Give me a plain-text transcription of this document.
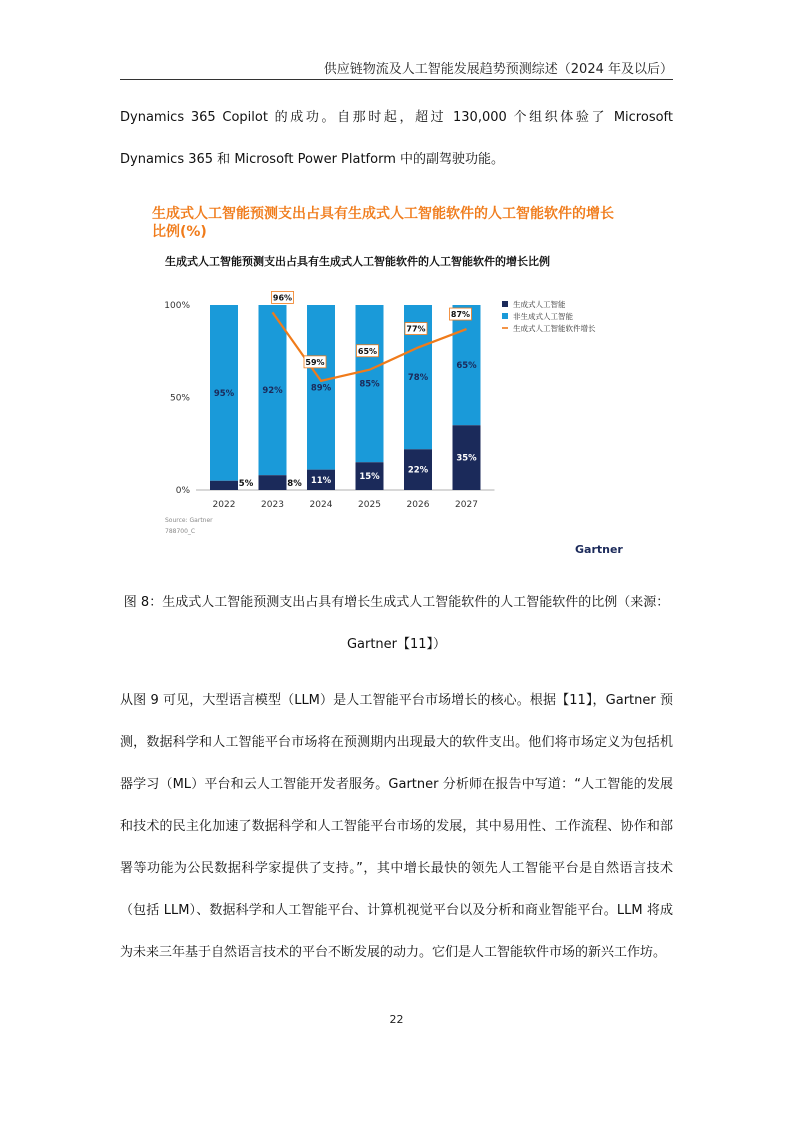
供应链物流及人工智能发展趋势预测综述（2024 年及以后）

Dynamics 365 Copilot 的成功。自那时起，超过 130,000 个组织体验了 Microsoft Dynamics 365 和 Microsoft Power Platform 中的副驾驶功能。

生成式人工智能预测支出占具有生成式人工智能软件的人工智能软件的增长比例(%)
生成式人工智能预测支出占具有生成式人工智能软件的人工智能软件的增长比例
100%
50%
0%
2022
95%
5%
2023
92%
8%
2024
89%
11%
2025
85%
15%
2026
78%
22%
2027
65%
35%
96%
59%
65%
77%
87%
生成式人工智能
非生成式人工智能
生成式人工智能软件增长
Source: Gartner
788700_C
Gartner
图 8：生成式人工智能预测支出占具有增长生成式人工智能软件的人工智能软件的比例（来源：Gartner【11】）

从图 9 可见，大型语言模型（LLM）是人工智能平台市场增长的核心。根据【11】，Gartner 预测，数据科学和人工智能平台市场将在预测期内出现最大的软件支出。他们将市场定义为包括机器学习（ML）平台和云人工智能开发者服务。Gartner 分析师在报告中写道：“人工智能的发展和技术的民主化加速了数据科学和人工智能平台市场的发展，其中易用性、工作流程、协作和部署等功能为公民数据科学家提供了支持。”，其中增长最快的领先人工智能平台是自然语言技术（包括 LLM）、数据科学和人工智能平台、计算机视觉平台以及分析和商业智能平台。LLM 将成为未来三年基于自然语言技术的平台不断发展的动力。它们是人工智能软件市场的新兴工作坊。

22
